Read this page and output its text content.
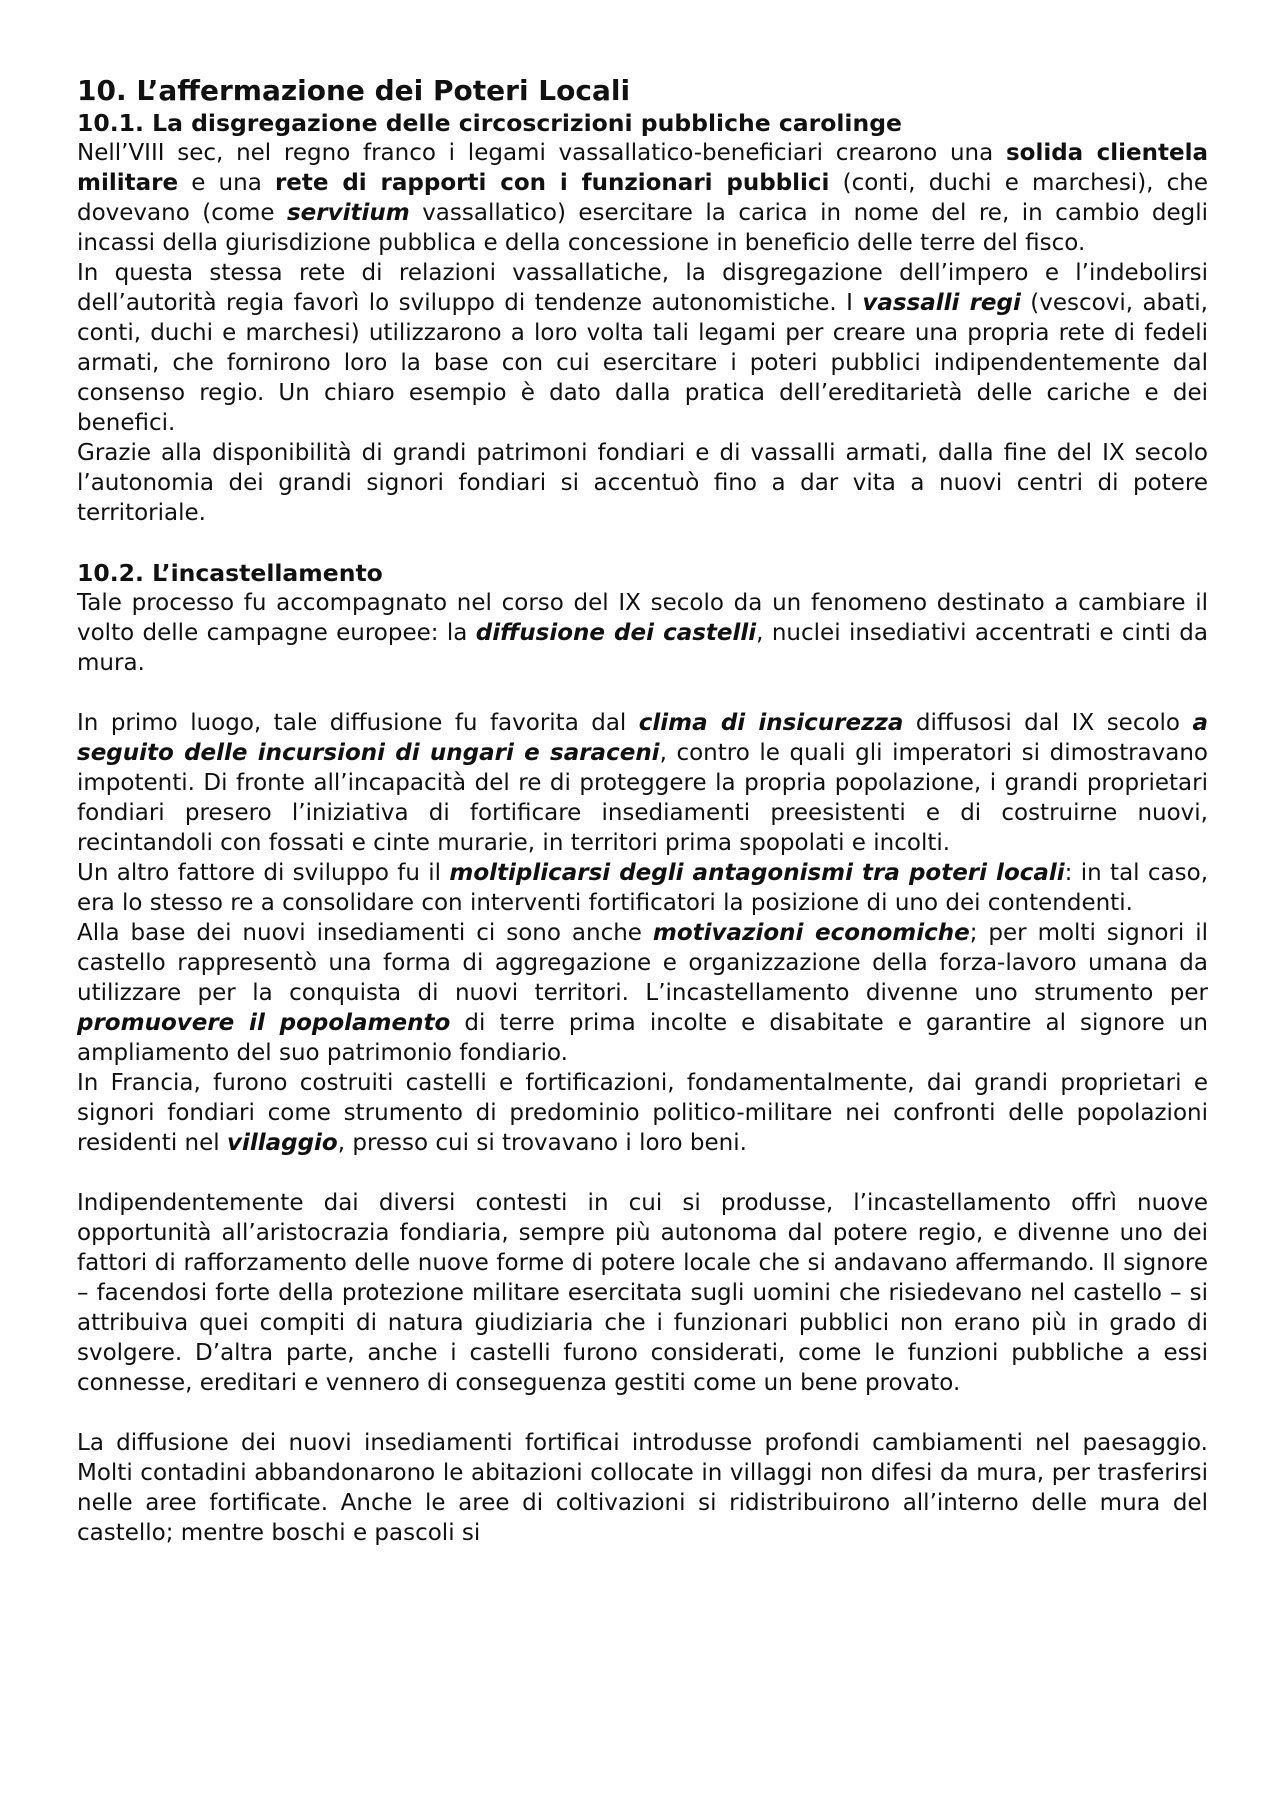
10. L’affermazione dei Poteri Locali
10.1. La disgregazione delle circoscrizioni pubbliche carolinge

Nell’VIII sec, nel regno franco i legami vassallatico-beneficiari crearono una solida clientela militare e una rete di rapporti con i funzionari pubblici (conti, duchi e marchesi), che dovevano (come servitium vassallatico) esercitare la carica in nome del re, in cambio degli incassi della giurisdizione pubblica e della concessione in beneficio delle terre del fisco.

In questa stessa rete di relazioni vassallatiche, la disgregazione dell’impero e l’indebolirsi dell’autorità regia favorì lo sviluppo di tendenze autonomistiche. I vassalli regi (vescovi, abati, conti, duchi e marchesi) utilizzarono a loro volta tali legami per creare una propria rete di fedeli armati, che fornirono loro la base con cui esercitare i poteri pubblici indipendentemente dal consenso regio. Un chiaro esempio è dato dalla pratica dell’ereditarietà delle cariche e dei benefici.

Grazie alla disponibilità di grandi patrimoni fondiari e di vassalli armati, dalla fine del IX secolo l’autonomia dei grandi signori fondiari si accentuò fino a dar vita a nuovi centri di potere territoriale.

10.2. L’incastellamento

Tale processo fu accompagnato nel corso del IX secolo da un fenomeno destinato a cambiare il volto delle campagne europee: la diffusione dei castelli, nuclei insediativi accentrati e cinti da mura.

In primo luogo, tale diffusione fu favorita dal clima di insicurezza diffusosi dal IX secolo a seguito delle incursioni di ungari e saraceni, contro le quali gli imperatori si dimostravano impotenti. Di fronte all’incapacità del re di proteggere la propria popolazione, i grandi proprietari fondiari presero l’iniziativa di fortificare insediamenti preesistenti e di costruirne nuovi, recintandoli con fossati e cinte murarie, in territori prima spopolati e incolti.

Un altro fattore di sviluppo fu il moltiplicarsi degli antagonismi tra poteri locali: in tal caso, era lo stesso re a consolidare con interventi fortificatori la posizione di uno dei contendenti.

Alla base dei nuovi insediamenti ci sono anche motivazioni economiche; per molti signori il castello rappresentò una forma di aggregazione e organizzazione della forza-lavoro umana da utilizzare per la conquista di nuovi territori. L’incastellamento divenne uno strumento per promuovere il popolamento di terre prima incolte e disabitate e garantire al signore un ampliamento del suo patrimonio fondiario.

In Francia, furono costruiti castelli e fortificazioni, fondamentalmente, dai grandi proprietari e signori fondiari come strumento di predominio politico-militare nei confronti delle popolazioni residenti nel villaggio, presso cui si trovavano i loro beni.

Indipendentemente dai diversi contesti in cui si produsse, l’incastellamento offrì nuove opportunità all’aristocrazia fondiaria, sempre più autonoma dal potere regio, e divenne uno dei fattori di rafforzamento delle nuove forme di potere locale che si andavano affermando. Il signore – facendosi forte della protezione militare esercitata sugli uomini che risiedevano nel castello – si attribuiva quei compiti di natura giudiziaria che i funzionari pubblici non erano più in grado di svolgere. D’altra parte, anche i castelli furono considerati, come le funzioni pubbliche a essi connesse, ereditari e vennero di conseguenza gestiti come un bene provato.

La diffusione dei nuovi insediamenti fortificai introdusse profondi cambiamenti nel paesaggio. Molti contadini abbandonarono le abitazioni collocate in villaggi non difesi da mura, per trasferirsi nelle aree fortificate. Anche le aree di coltivazioni si ridistribuirono all’interno delle mura del castello; mentre boschi e pascoli si
